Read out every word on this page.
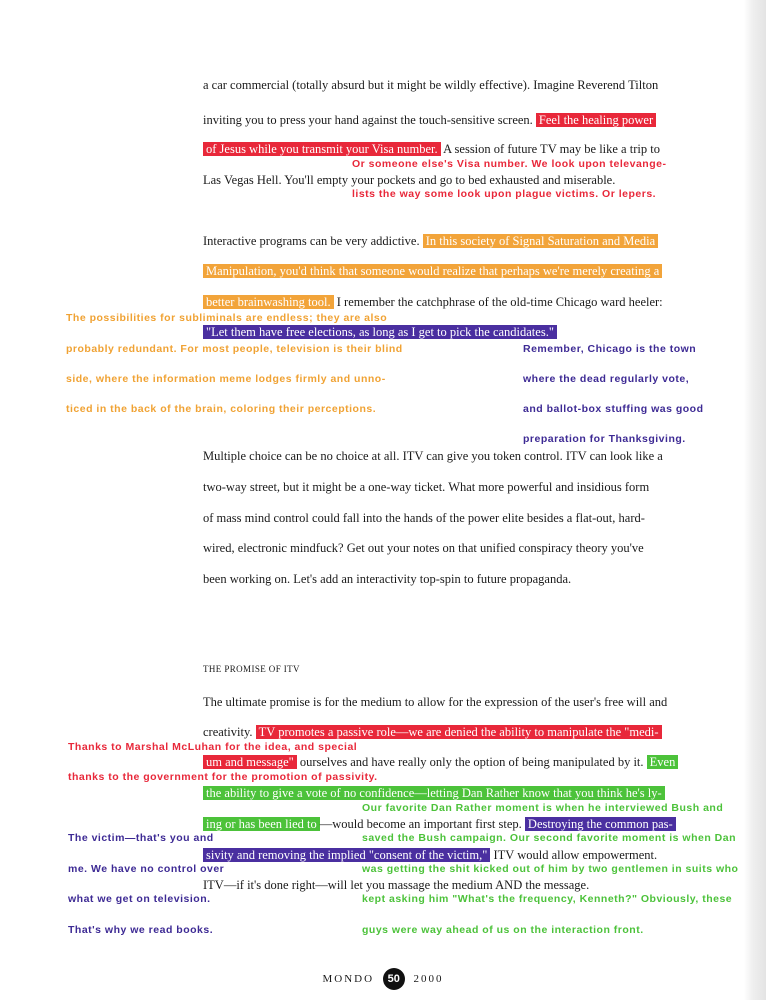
a car commercial (totally absurd but it might be wildly effective). Imagine Reverend Tilton
inviting you to press your hand against the touch-sensitive screen. Feel the healing power
of Jesus while you transmit your Visa number. A session of future TV may be like a trip to
Las Vegas Hell. You'll empty your pockets and go to bed exhausted and miserable.
Or someone else's Visa number. We look upon televange-
lists the way some look upon plague victims. Or lepers.
Interactive programs can be very addictive. In this society of Signal Saturation and Media
Manipulation, you'd think that someone would realize that perhaps we're merely creating a
better brainwashing tool. I remember the catchphrase of the old-time Chicago ward heeler:
"Let them have free elections, as long as I get to pick the candidates."
The possibilities for subliminals are endless; they are also
probably redundant. For most people, television is their blind
side, where the information meme lodges firmly and unno-
ticed in the back of the brain, coloring their perceptions.
Remember, Chicago is the town
where the dead regularly vote,
and ballot-box stuffing was good
preparation for Thanksgiving.
Multiple choice can be no choice at all. ITV can give you token control. ITV can look like a
two-way street, but it might be a one-way ticket. What more powerful and insidious form
of mass mind control could fall into the hands of the power elite besides a flat-out, hard-
wired, electronic mindfuck? Get out your notes on that unified conspiracy theory you've
been working on. Let's add an interactivity top-spin to future propaganda.
THE PROMISE OF ITV
The ultimate promise is for the medium to allow for the expression of the user's free will and
creativity. TV promotes a passive role—we are denied the ability to manipulate the "medi-
um and message" ourselves and have really only the option of being manipulated by it. Even
the ability to give a vote of no confidence—letting Dan Rather know that you think he's ly-
ing or has been lied to —would become an important first step. Destroying the common pas-
sivity and removing the implied "consent of the victim," ITV would allow empowerment.
ITV—if it's done right—will let you massage the medium AND the message.
Thanks to Marshal McLuhan for the idea, and special
thanks to the government for the promotion of passivity.
Our favorite Dan Rather moment is when he interviewed Bush and
saved the Bush campaign. Our second favorite moment is when Dan
was getting the shit kicked out of him by two gentlemen in suits who
kept asking him "What's the frequency, Kenneth?" Obviously, these
guys were way ahead of us on the interaction front.
The victim—that's you and
me. We have no control over
what we get on television.
That's why we read books.
MONDO 50 2000
